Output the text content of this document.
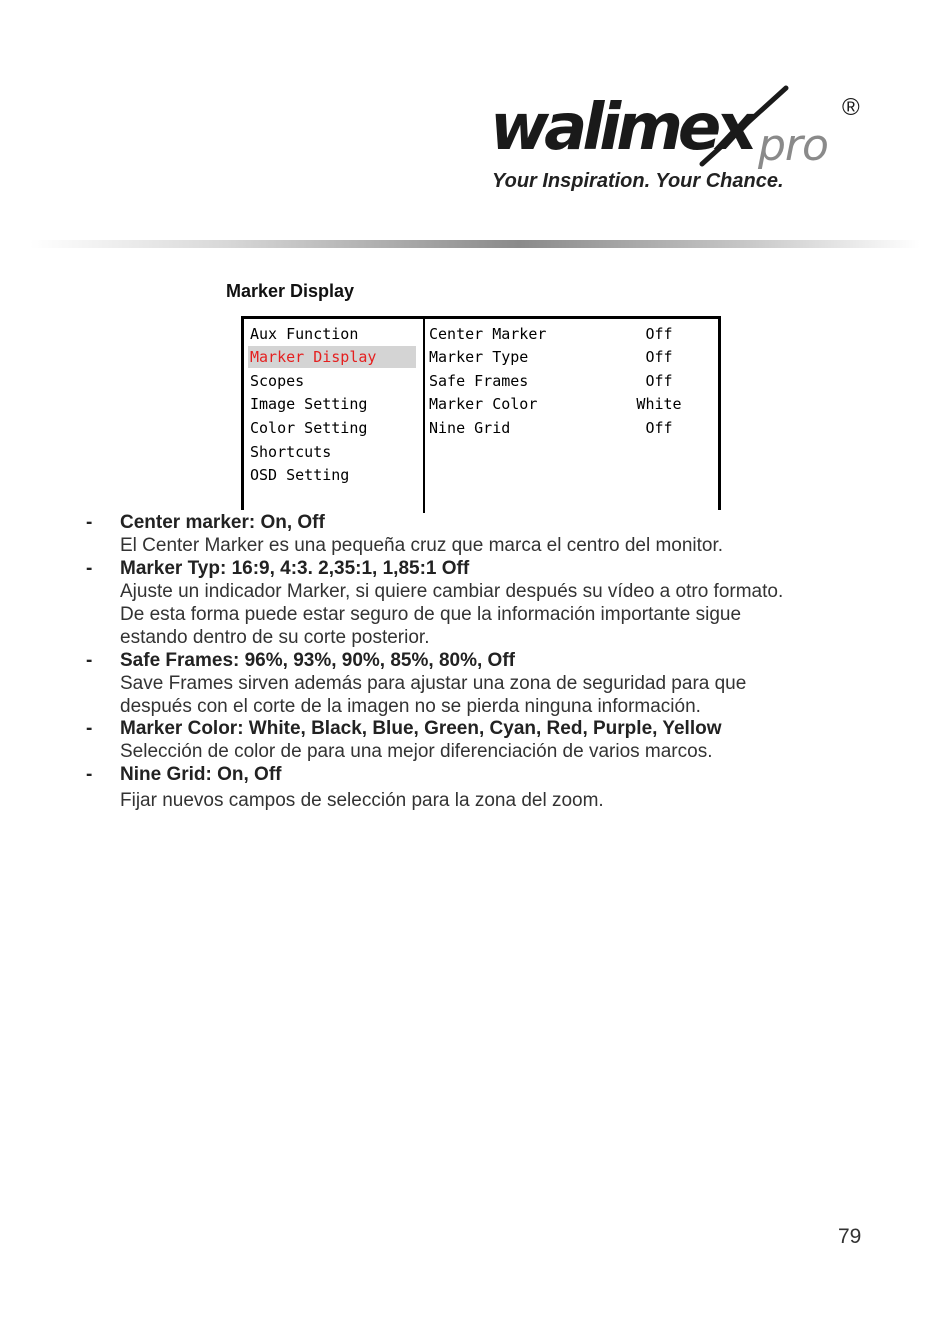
walimex pro
®
Your Inspiration. Your Chance.
Marker Display
Aux Function
Marker Display
Scopes
Image Setting
Color Setting
Shortcuts
OSD Setting
Center Marker	Off
Marker Type	Off
Safe Frames	Off
Marker Color	White
Nine Grid	Off
- Center marker: On, Off
El Center Marker es una pequeña cruz que marca el centro del monitor.
- Marker Typ: 16:9, 4:3. 2,35:1, 1,85:1 Off
Ajuste un indicador Marker, si quiere cambiar después su vídeo a otro formato.
De esta forma puede estar seguro de que la información importante sigue
estando dentro de su corte posterior.
- Safe Frames: 96%, 93%, 90%, 85%, 80%, Off
Save Frames sirven además para ajustar una zona de seguridad para que
después con el corte de la imagen no se pierda ninguna información.
- Marker Color: White, Black, Blue, Green, Cyan, Red, Purple, Yellow
Selección de color de para una mejor diferenciación de varios marcos.
- Nine Grid: On, Off
Fijar nuevos campos de selección para la zona del zoom.
79
